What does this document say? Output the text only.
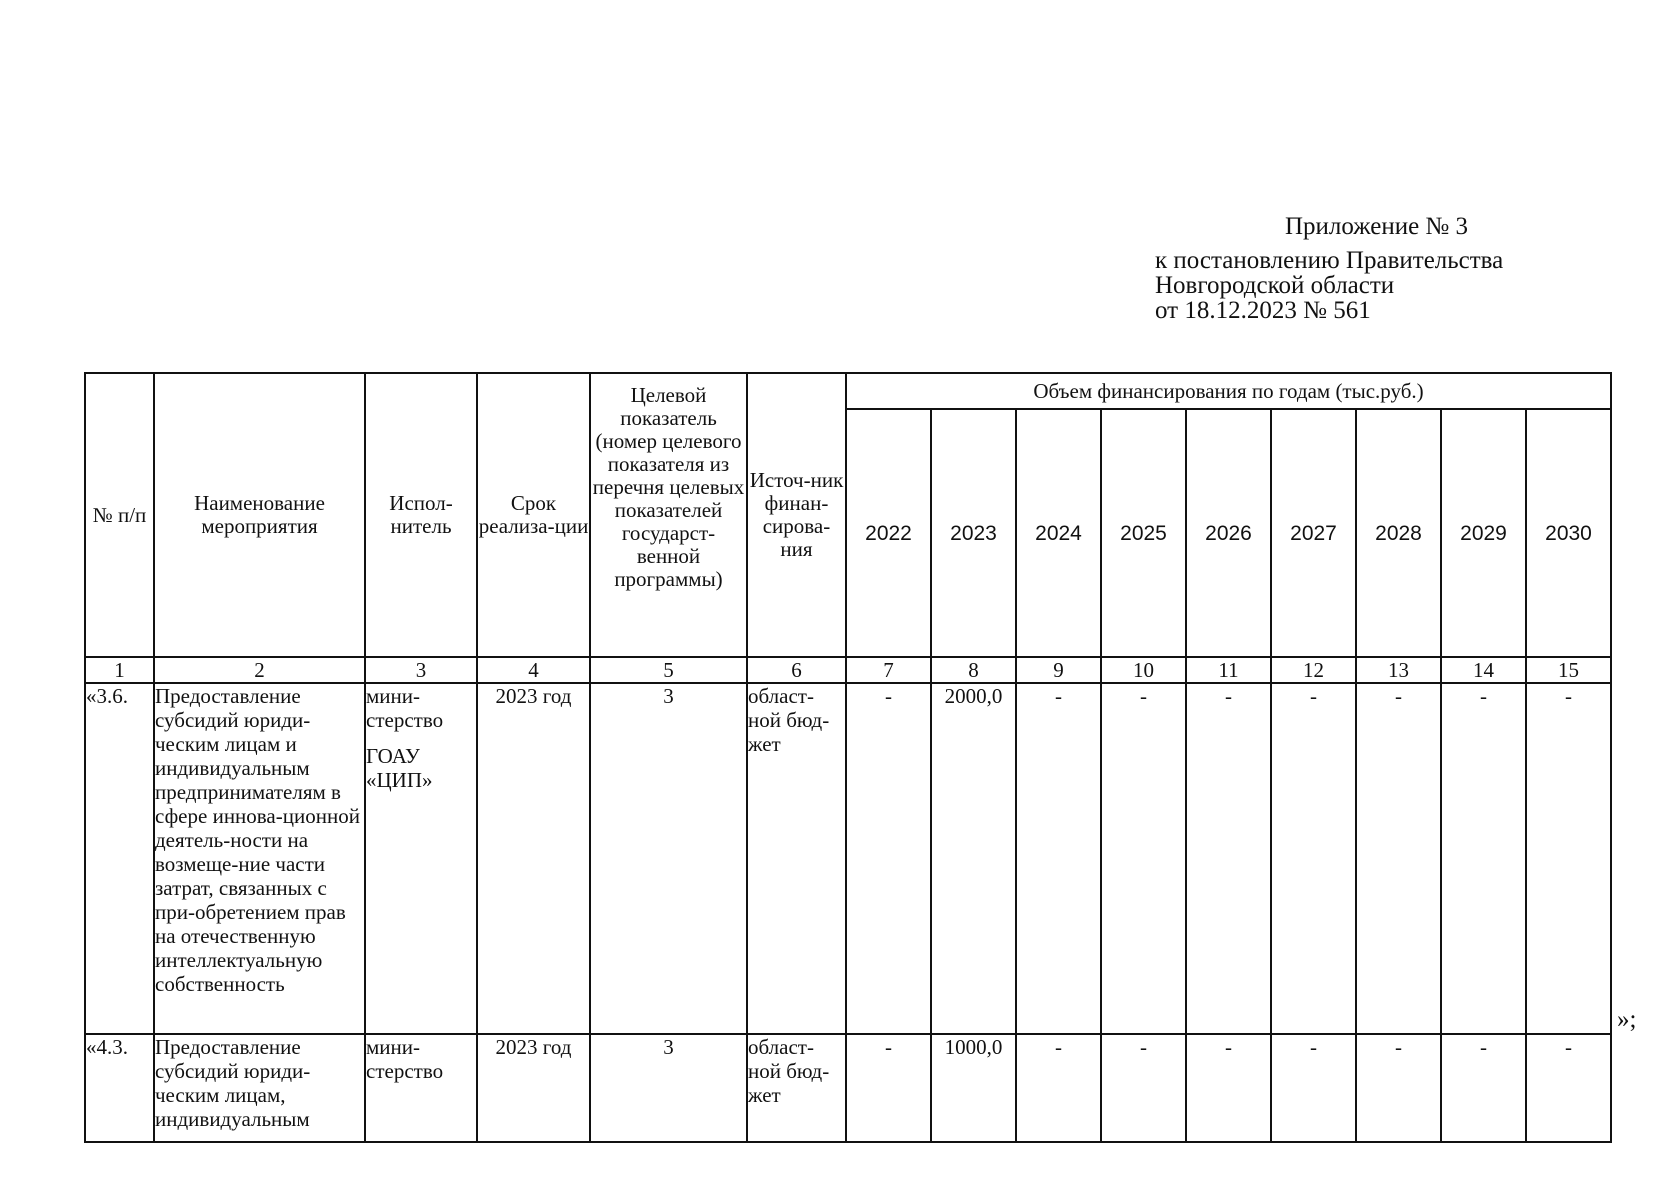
Приложение № 3
к постановлению Правительства
Новгородской области
от 18.12.2023 № 561
№ п/п	Наименование мероприятия	Испол-нитель	Срок реализа-ции	Целевой показатель (номер целевого показателя из перечня целевых показателей государст-венной программы)	Источ-ник финан-сирова-ния	Объем финансирования по годам (тыс.руб.)								
						2022	2023	2024	2025	2026	2027	2028	2029	2030
1	2	3	4	5	6	7	8	9	10	11	12	13	14	15
«3.6.	Предоставление субсидий юриди-ческим лицам и индивидуальным предпринимателям в сфере иннова-ционной деятель-ности на возмеще-ние части затрат, связанных с при-обретением прав на отечественную интеллектуальную собственность	мини-стерство
ГОАУ «ЦИП»	2023 год	3	област-ной бюд-жет	-	2000,0	-	-	-	-	-	-	-
«4.3.	Предоставление субсидий юриди-ческим лицам, индивидуальным	мини-стерство	2023 год	3	област-ной бюд-жет	-	1000,0	-	-	-	-	-	-	-
»;
